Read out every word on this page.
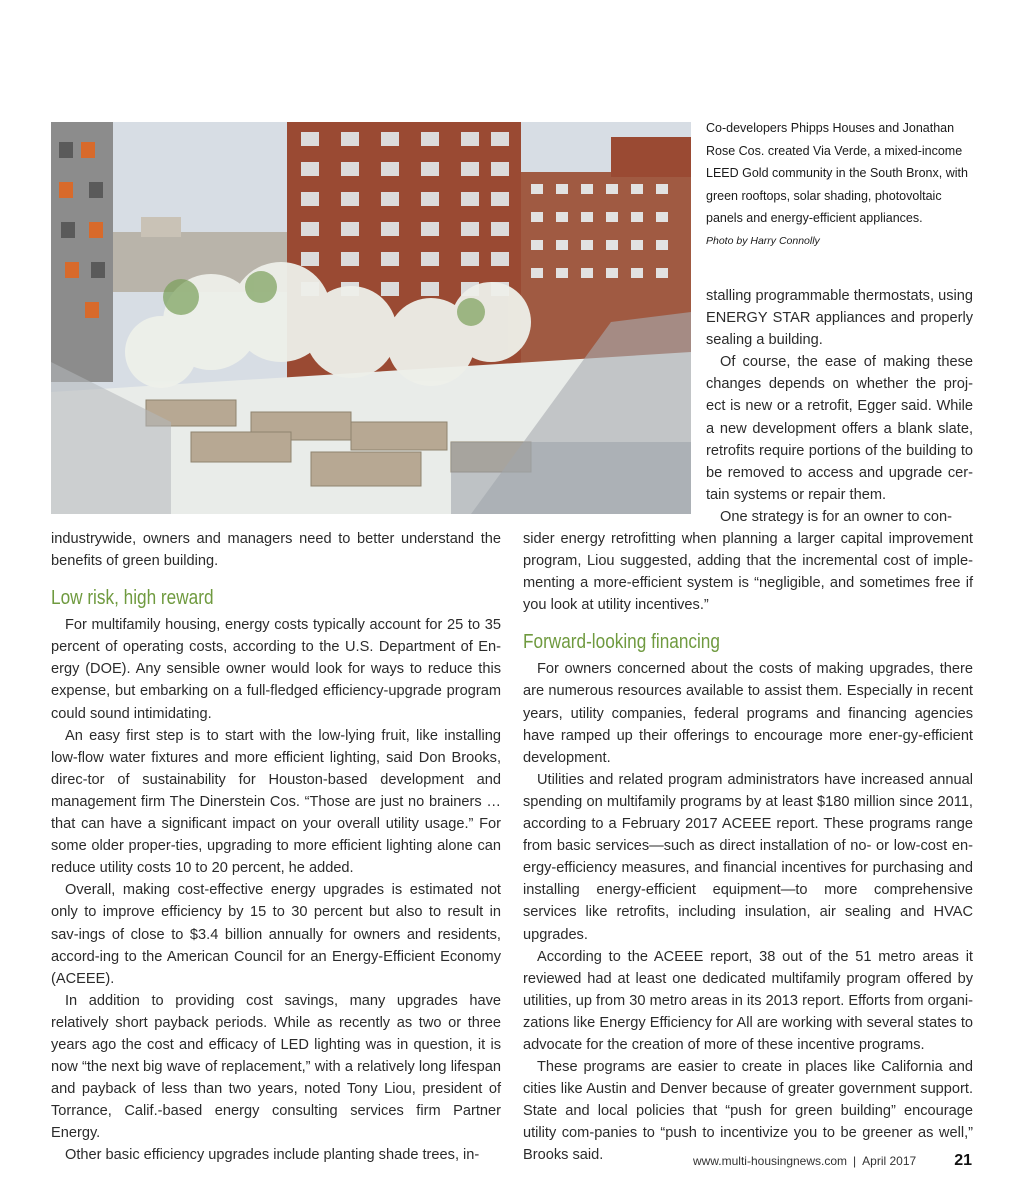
Co-developers Phipps Houses and Jonathan Rose Cos. created Via Verde, a mixed-income LEED Gold community in the South Bronx, with green rooftops, solar shading, photovoltaic panels and energy-efficient appliances.
Photo by Harry Connolly

stalling programmable thermostats, using ENERGY STAR appliances and properly sealing a building.

Of course, the ease of making these changes depends on whether the proj-ect is new or a retrofit, Egger said. While a new development offers a blank slate, retrofits require portions of the building to be removed to access and upgrade cer-tain systems or repair them.

One strategy is for an owner to con-

industrywide, owners and managers need to better understand the benefits of green building.

Low risk, high reward

For multifamily housing, energy costs typically account for 25 to 35 percent of operating costs, according to the U.S. Department of En-ergy (DOE). Any sensible owner would look for ways to reduce this expense, but embarking on a full-fledged efficiency-upgrade program could sound intimidating.

An easy first step is to start with the low-lying fruit, like installing low-flow water fixtures and more efficient lighting, said Don Brooks, direc-tor of sustainability for Houston-based development and management firm The Dinerstein Cos. “Those are just no brainers … that can have a significant impact on your overall utility usage.” For some older proper-ties, upgrading to more efficient lighting alone can reduce utility costs 10 to 20 percent, he added.

Overall, making cost-effective energy upgrades is estimated not only to improve efficiency by 15 to 30 percent but also to result in sav-ings of close to $3.4 billion annually for owners and residents, accord-ing to the American Council for an Energy-Efficient Economy (ACEEE).

In addition to providing cost savings, many upgrades have relatively short payback periods. While as recently as two or three years ago the cost and efficacy of LED lighting was in question, it is now “the next big wave of replacement,” with a relatively long lifespan and payback of less than two years, noted Tony Liou, president of Torrance, Calif.-based energy consulting services firm Partner Energy.

Other basic efficiency upgrades include planting shade trees, in-

sider energy retrofitting when planning a larger capital improvement program, Liou suggested, adding that the incremental cost of imple-menting a more-efficient system is “negligible, and sometimes free if you look at utility incentives.”

Forward-looking financing

For owners concerned about the costs of making upgrades, there are numerous resources available to assist them. Especially in recent years, utility companies, federal programs and financing agencies have ramped up their offerings to encourage more ener-gy-efficient development.

Utilities and related program administrators have increased annual spending on multifamily programs by at least $180 million since 2011, according to a February 2017 ACEEE report. These programs range from basic services—such as direct installation of no- or low-cost en-ergy-efficiency measures, and financial incentives for purchasing and installing energy-efficient equipment—to more comprehensive services like retrofits, including insulation, air sealing and HVAC upgrades.

According to the ACEEE report, 38 out of the 51 metro areas it reviewed had at least one dedicated multifamily program offered by utilities, up from 30 metro areas in its 2013 report. Efforts from organi-zations like Energy Efficiency for All are working with several states to advocate for the creation of more of these incentive programs.

These programs are easier to create in places like California and cities like Austin and Denver because of greater government support. State and local policies that “push for green building” encourage utility com-panies to “push to incentivize you to be greener as well,” Brooks said.	www.multi-housingnews.com | April 2017 21
